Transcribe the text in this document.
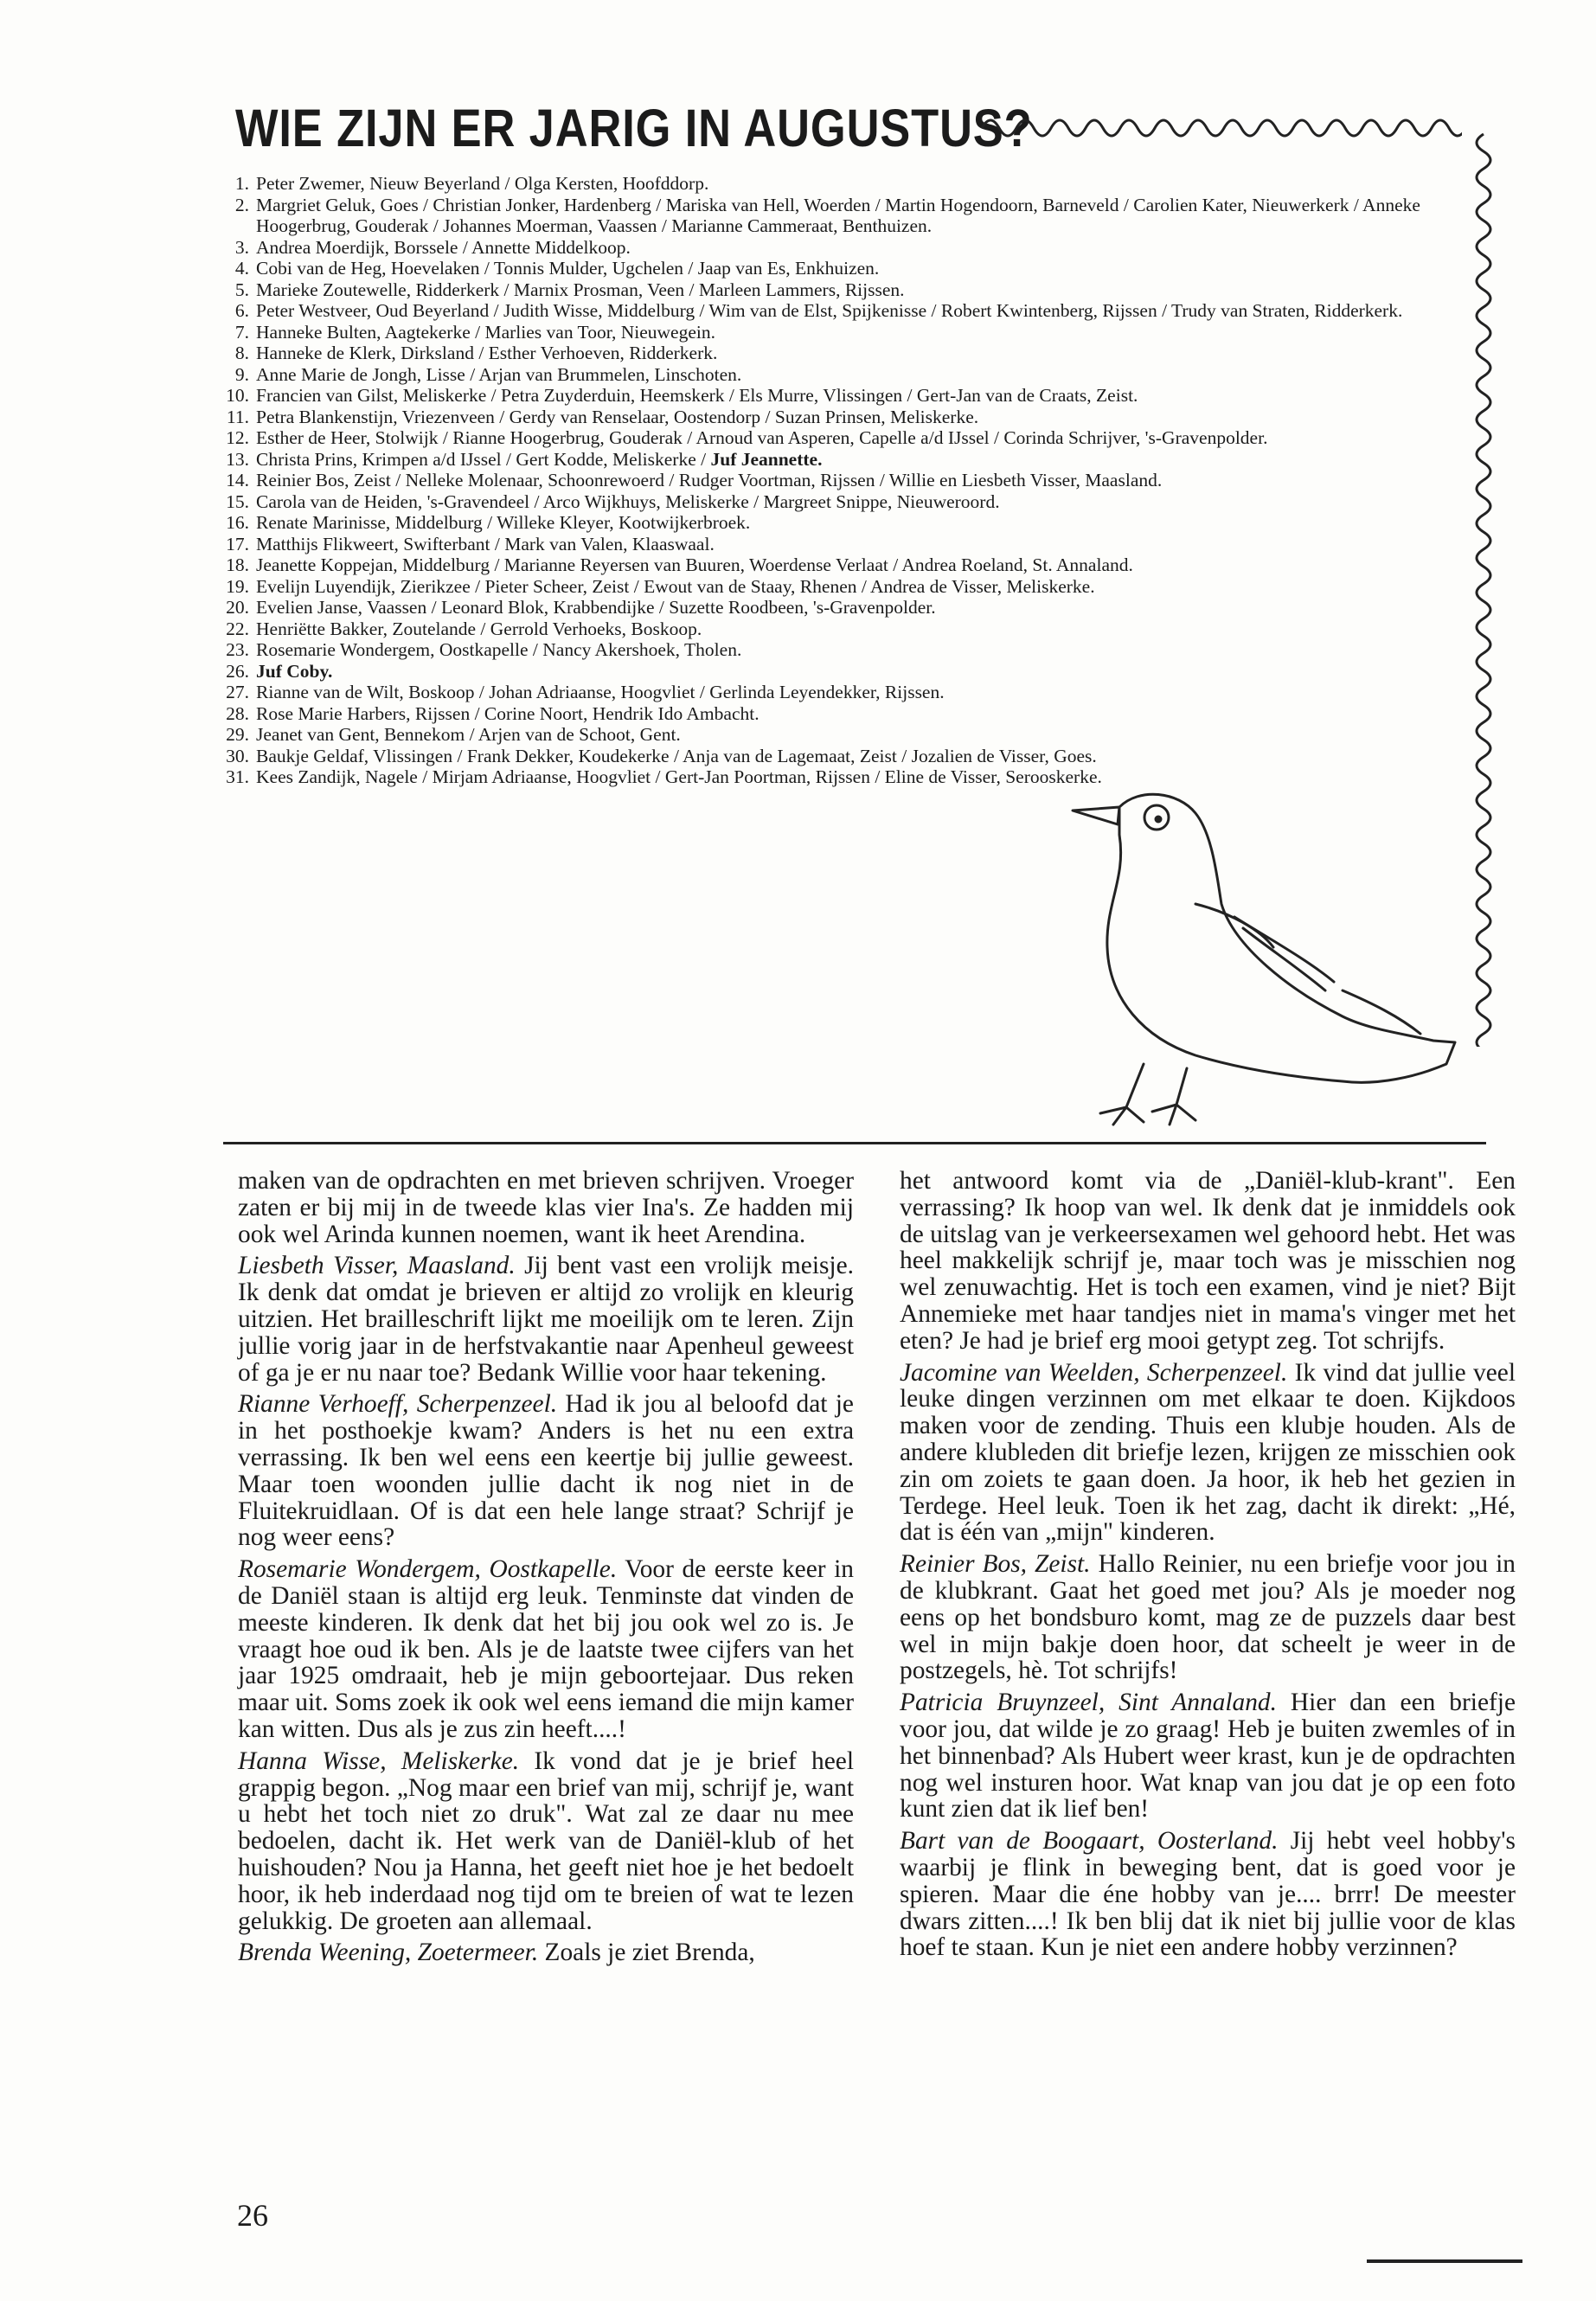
WIE ZIJN ER JARIG IN AUGUSTUS?
1. Peter Zwemer, Nieuw Beyerland / Olga Kersten, Hoofddorp.
2. Margriet Geluk, Goes / Christian Jonker, Hardenberg / Mariska van Hell, Woerden / Martin Hogendoorn, Barneveld / Carolien Kater, Nieuwerkerk / Anneke Hoogerbrug, Gouderak / Johannes Moerman, Vaassen / Marianne Cammeraat, Benthuizen.
3. Andrea Moerdijk, Borssele / Annette Middelkoop.
4. Cobi van de Heg, Hoevelaken / Tonnis Mulder, Ugchelen / Jaap van Es, Enkhuizen.
5. Marieke Zoutewelle, Ridderkerk / Marnix Prosman, Veen / Marleen Lammers, Rijssen.
6. Peter Westveer, Oud Beyerland / Judith Wisse, Middelburg / Wim van de Elst, Spijkenisse / Robert Kwintenberg, Rijssen / Trudy van Straten, Ridderkerk.
7. Hanneke Bulten, Aagtekerke / Marlies van Toor, Nieuwegein.
8. Hanneke de Klerk, Dirksland / Esther Verhoeven, Ridderkerk.
9. Anne Marie de Jongh, Lisse / Arjan van Brummelen, Linschoten.
10. Francien van Gilst, Meliskerke / Petra Zuyderduin, Heemskerk / Els Murre, Vlissingen / Gert-Jan van de Craats, Zeist.
11. Petra Blankenstijn, Vriezenveen / Gerdy van Renselaar, Oostendorp / Suzan Prinsen, Meliskerke.
12. Esther de Heer, Stolwijk / Rianne Hoogerbrug, Gouderak / Arnoud van Asperen, Capelle a/d IJssel / Corinda Schrijver, 's-Gravenpolder.
13. Christa Prins, Krimpen a/d IJssel / Gert Kodde, Meliskerke / Juf Jeannette.
14. Reinier Bos, Zeist / Nelleke Molenaar, Schoonrewoerd / Rudger Voortman, Rijssen / Willie en Liesbeth Visser, Maasland.
15. Carola van de Heiden, 's-Gravendeel / Arco Wijkhuys, Meliskerke / Margreet Snippe, Nieuweroord.
16. Renate Marinisse, Middelburg / Willeke Kleyer, Kootwijkerbroek.
17. Matthijs Flikweert, Swifterbant / Mark van Valen, Klaaswaal.
18. Jeanette Koppejan, Middelburg / Marianne Reyersen van Buuren, Woerdense Verlaat / Andrea Roeland, St. Annaland.
19. Evelijn Luyendijk, Zierikzee / Pieter Scheer, Zeist / Ewout van de Staay, Rhenen / Andrea de Visser, Meliskerke.
20. Evelien Janse, Vaassen / Leonard Blok, Krabbendijke / Suzette Roodbeen, 's-Gravenpolder.
22. Henriëtte Bakker, Zoutelande / Gerrold Verhoeks, Boskoop.
23. Rosemarie Wondergem, Oostkapelle / Nancy Akershoek, Tholen.
26. Juf Coby.
27. Rianne van de Wilt, Boskoop / Johan Adriaanse, Hoogvliet / Gerlinda Leyendekker, Rijssen.
28. Rose Marie Harbers, Rijssen / Corine Noort, Hendrik Ido Ambacht.
29. Jeanet van Gent, Bennekom / Arjen van de Schoot, Gent.
30. Baukje Geldaf, Vlissingen / Frank Dekker, Koudekerke / Anja van de Lagemaat, Zeist / Jozalien de Visser, Goes.
31. Kees Zandijk, Nagele / Mirjam Adriaanse, Hoogvliet / Gert-Jan Poortman, Rijssen / Eline de Visser, Serooskerke.

maken van de opdrachten en met brieven schrijven. Vroeger zaten er bij mij in de tweede klas vier Ina's. Ze hadden mij ook wel Arinda kunnen noemen, want ik heet Arendina.

Liesbeth Visser, Maasland. Jij bent vast een vrolijk meisje. Ik denk dat omdat je brieven er altijd zo vrolijk en kleurig uitzien. Het brailleschrift lijkt me moeilijk om te leren. Zijn jullie vorig jaar in de herfstvakantie naar Apenheul geweest of ga je er nu naar toe? Bedank Willie voor haar tekening.

Rianne Verhoeff, Scherpenzeel. Had ik jou al beloofd dat je in het posthoekje kwam? Anders is het nu een extra verrassing. Ik ben wel eens een keertje bij jullie geweest. Maar toen woonden jullie dacht ik nog niet in de Fluitekruidlaan. Of is dat een hele lange straat? Schrijf je nog weer eens?

Rosemarie Wondergem, Oostkapelle. Voor de eerste keer in de Daniël staan is altijd erg leuk. Tenminste dat vinden de meeste kinderen. Ik denk dat het bij jou ook wel zo is. Je vraagt hoe oud ik ben. Als je de laatste twee cijfers van het jaar 1925 omdraait, heb je mijn geboortejaar. Dus reken maar uit. Soms zoek ik ook wel eens iemand die mijn kamer kan witten. Dus als je zus zin heeft....!

Hanna Wisse, Meliskerke. Ik vond dat je je brief heel grappig begon. „Nog maar een brief van mij, schrijf je, want u hebt het toch niet zo druk". Wat zal ze daar nu mee bedoelen, dacht ik. Het werk van de Daniël-klub of het huishouden? Nou ja Hanna, het geeft niet hoe je het bedoelt hoor, ik heb inderdaad nog tijd om te breien of wat te lezen gelukkig. De groeten aan allemaal.

Brenda Weening, Zoetermeer. Zoals je ziet Brenda,

het antwoord komt via de „Daniël-klub-krant". Een verrassing? Ik hoop van wel. Ik denk dat je inmiddels ook de uitslag van je verkeersexamen wel gehoord hebt. Het was heel makkelijk schrijf je, maar toch was je misschien nog wel zenuwachtig. Het is toch een examen, vind je niet? Bijt Annemieke met haar tandjes niet in mama's vinger met het eten? Je had je brief erg mooi getypt zeg. Tot schrijfs.

Jacomine van Weelden, Scherpenzeel. Ik vind dat jullie veel leuke dingen verzinnen om met elkaar te doen. Kijkdoos maken voor de zending. Thuis een klubje houden. Als de andere klubleden dit briefje lezen, krijgen ze misschien ook zin om zoiets te gaan doen. Ja hoor, ik heb het gezien in Terdege. Heel leuk. Toen ik het zag, dacht ik direkt: „Hé, dat is één van „mijn" kinderen.

Reinier Bos, Zeist. Hallo Reinier, nu een briefje voor jou in de klubkrant. Gaat het goed met jou? Als je moeder nog eens op het bondsburo komt, mag ze de puzzels daar best wel in mijn bakje doen hoor, dat scheelt je weer in de postzegels, hè. Tot schrijfs!

Patricia Bruynzeel, Sint Annaland. Hier dan een briefje voor jou, dat wilde je zo graag! Heb je buiten zwemles of in het binnenbad? Als Hubert weer krast, kun je de opdrachten nog wel insturen hoor. Wat knap van jou dat je op een foto kunt zien dat ik lief ben!

Bart van de Boogaart, Oosterland. Jij hebt veel hobby's waarbij je flink in beweging bent, dat is goed voor je spieren. Maar die éne hobby van je.... brrr! De meester dwars zitten....! Ik ben blij dat ik niet bij jullie voor de klas hoef te staan. Kun je niet een andere hobby verzinnen?

26
